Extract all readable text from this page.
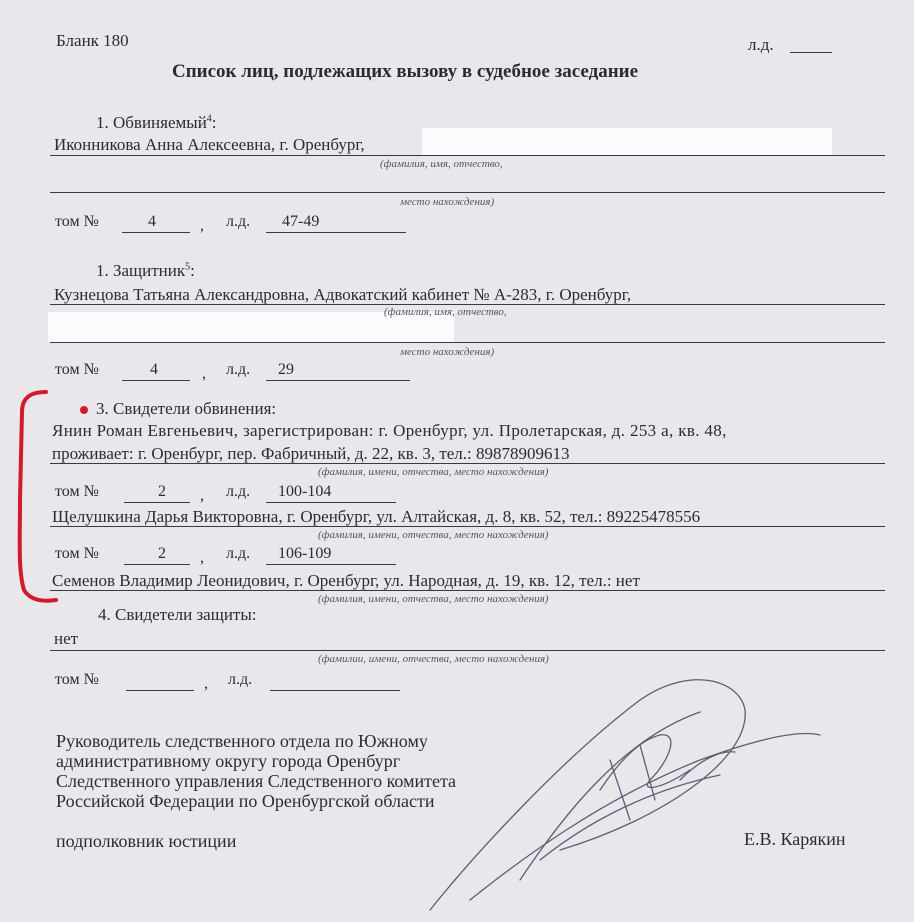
Бланк 180	л.д.
Список лиц, подлежащих вызову в судебное заседание
1. Обвиняемый$^4$:
Иконникова Анна Алексеевна, г. Оренбург,
(фамилия, имя, отчество,
место нахождения)
том №	4	, л.д. 47-49
1. Защитник$^5$:
Кузнецова Татьяна Александровна, Адвокатский кабинет № А-283, г. Оренбург,
(фамилия, имя, отчество,
место нахождения)
том №	4	, л.д. 29
3. Свидетели обвинения:
Янин Роман Евгеньевич, зарегистрирован: г. Оренбург, ул. Пролетарская, д. 253 а, кв. 48,
проживает: г. Оренбург, пер. Фабричный, д. 22, кв. 3, тел.: 89878909613
(фамилия, имени, отчества, место нахождения)
том №	2 , л.д. 100-104
Щелушкина Дарья Викторовна, г. Оренбург, ул. Алтайская, д. 8, кв. 52, тел.: 89225478556
(фамилия, имени, отчества, место нахождения)
том №	2 , л.д. 106-109
Семенов Владимир Леонидович, г. Оренбург, ул. Народная, д. 19, кв. 12, тел.: нет
(фамилия, имени, отчества, место нахождения)
4. Свидетели защиты:
нет
(фамилии, имени, отчества, место нахождения)
том №	, л.д.
Руководитель следственного отдела по Южному
административному округу города Оренбург
Следственного управления Следственного комитета
Российской Федерации по Оренбургской области
подполковник юстиции	Е.В. Карякин
